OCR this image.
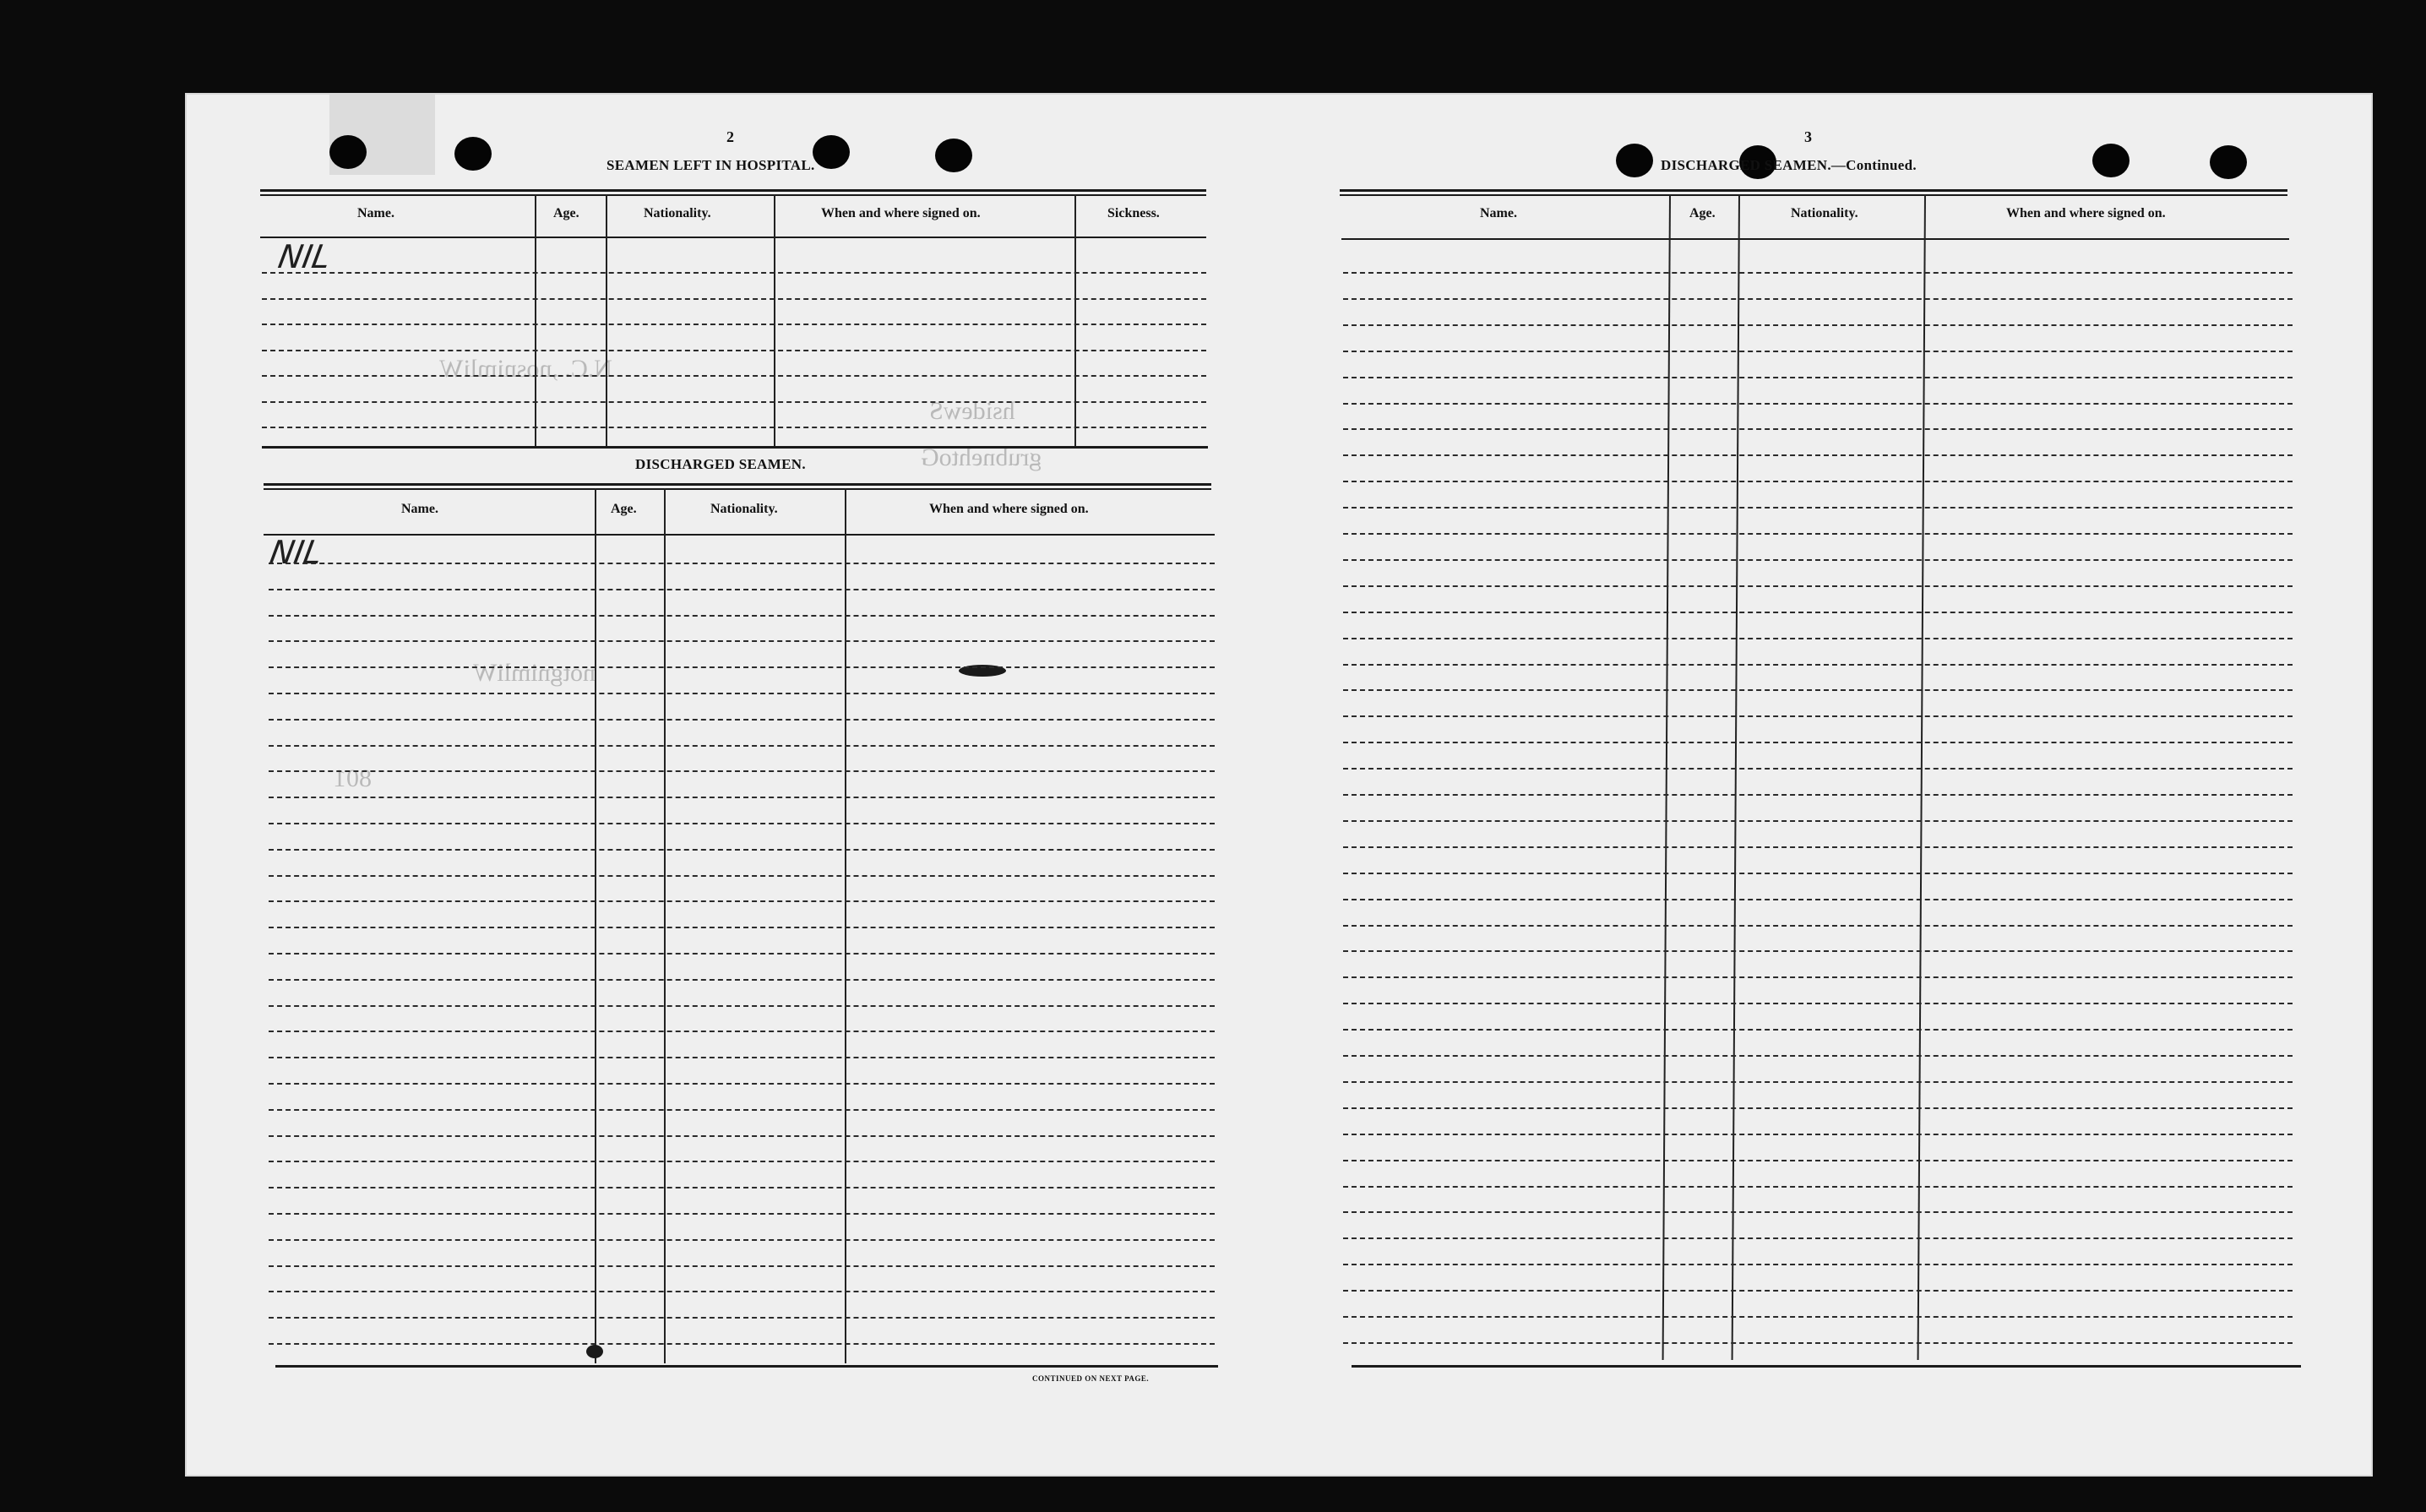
N.C. ,nosnimliW
hsidewS
grubnehtoG
notgnimliW
801
2
SEAMEN LEFT IN HOSPITAL.
Name.	Age.	Nationality.	When and where signed on.	Sickness.
NIL
DISCHARGED SEAMEN.
Name.	Age.	Nationality.	When and where signed on.
NIL
CONTINUED ON NEXT PAGE.
3
DISCHARGED SEAMEN.—Continued.
Name.	Age.	Nationality.	When and where signed on.
